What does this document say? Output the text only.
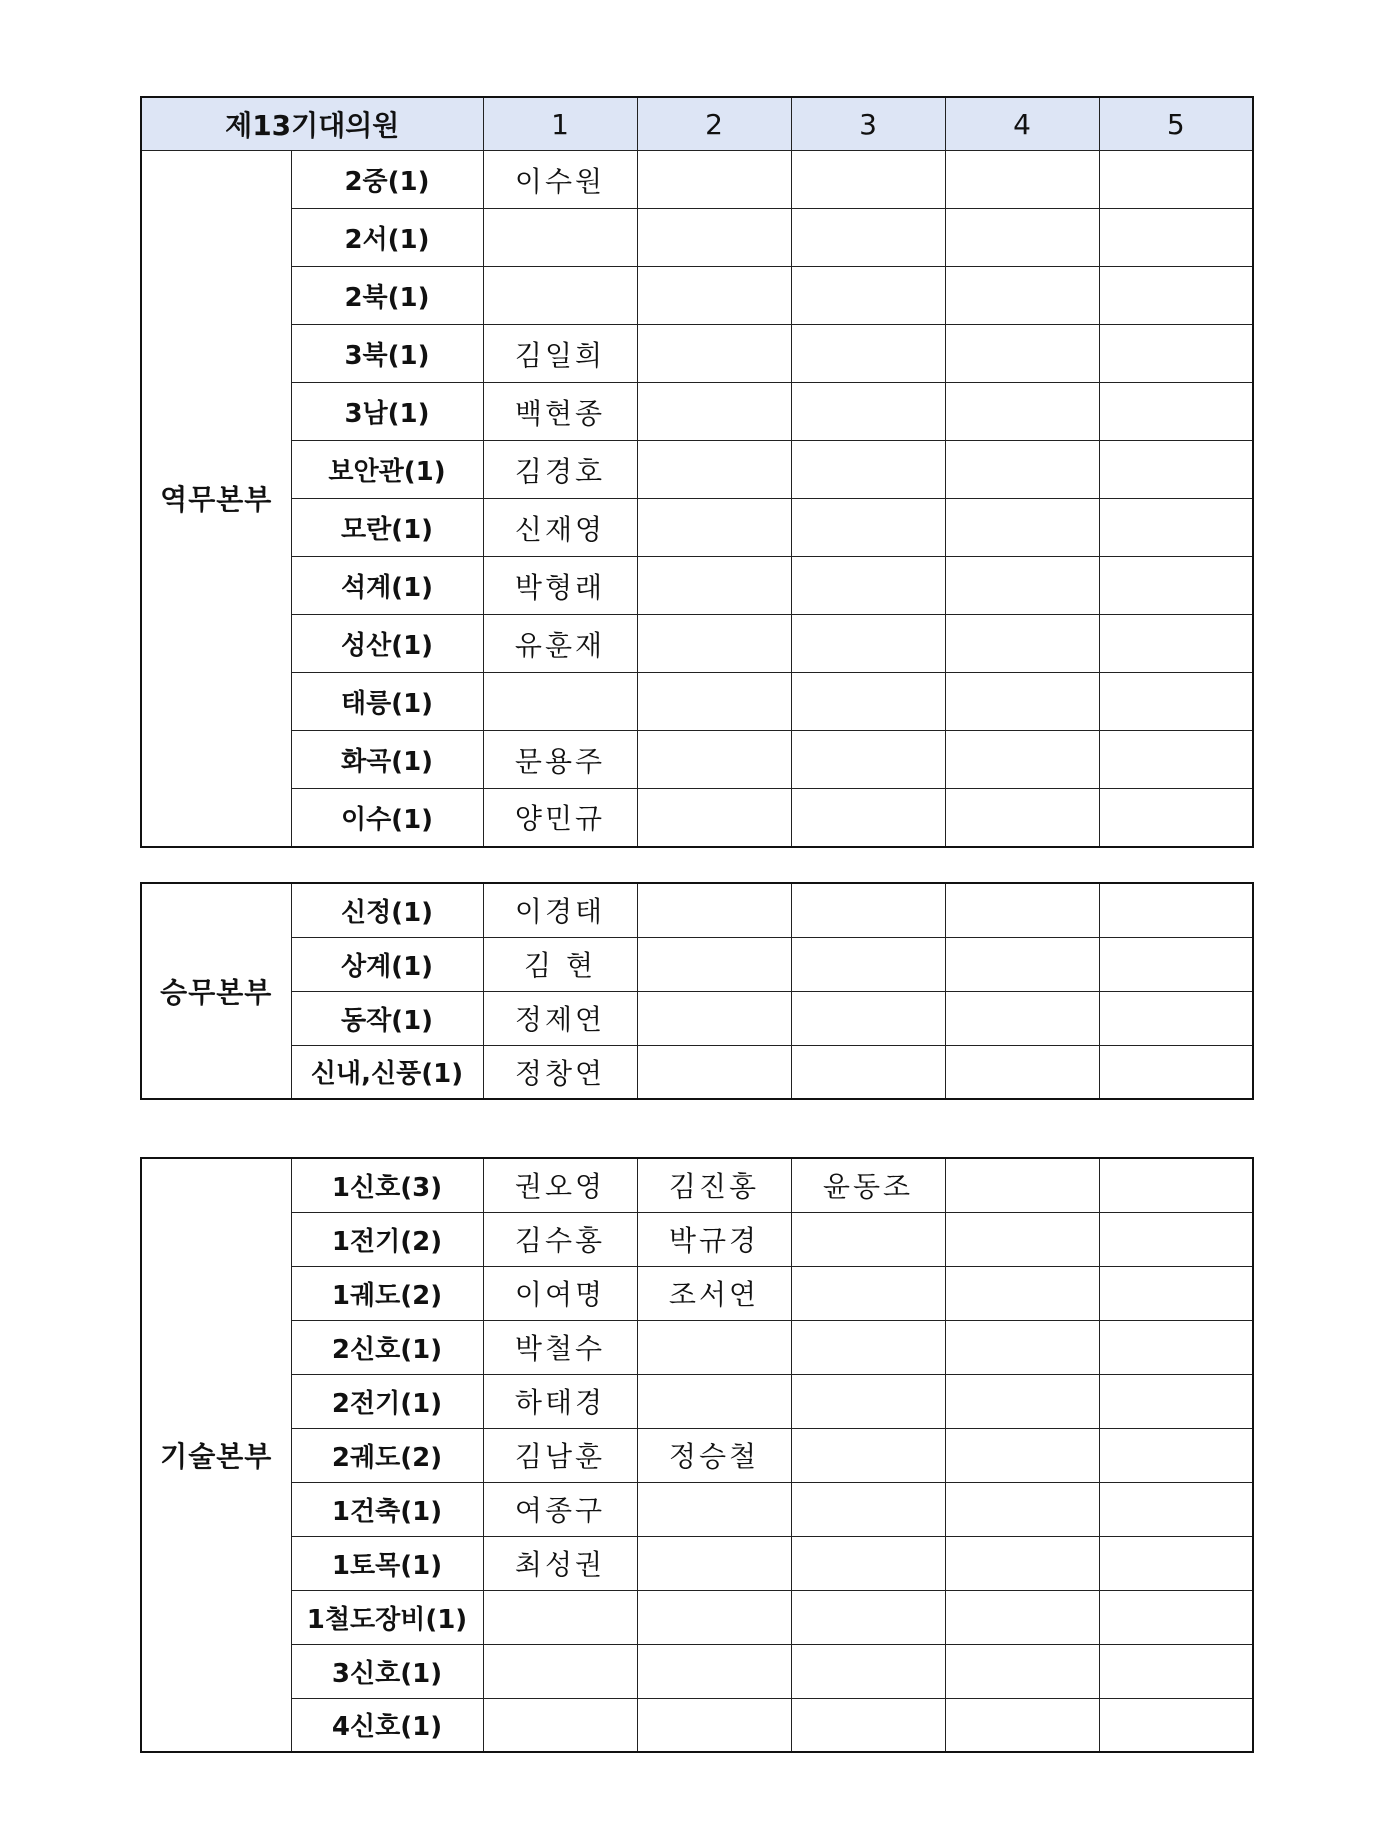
제13기대의원		1	2	3	4	5
역무본부	2중(1)	이수원				
	2서(1)					
	2북(1)					
	3북(1)	김일희				
	3남(1)	백현종				
	보안관(1)	김경호				
	모란(1)	신재영				
	석계(1)	박형래				
	성산(1)	유훈재				
	태릉(1)					
	화곡(1)	문용주				
	이수(1)	양민규				
승무본부	신정(1)	이경태				
	상계(1)	김 현				
	동작(1)	정제연				
	신내,신풍(1)	정창연				
기술본부	1신호(3)	권오영	김진홍	윤동조		
	1전기(2)	김수홍	박규경			
	1궤도(2)	이여명	조서연			
	2신호(1)	박철수				
	2전기(1)	하태경				
	2궤도(2)	김남훈	정승철			
	1건축(1)	여종구				
	1토목(1)	최성권				
	1철도장비(1)					
	3신호(1)					
	4신호(1)					
